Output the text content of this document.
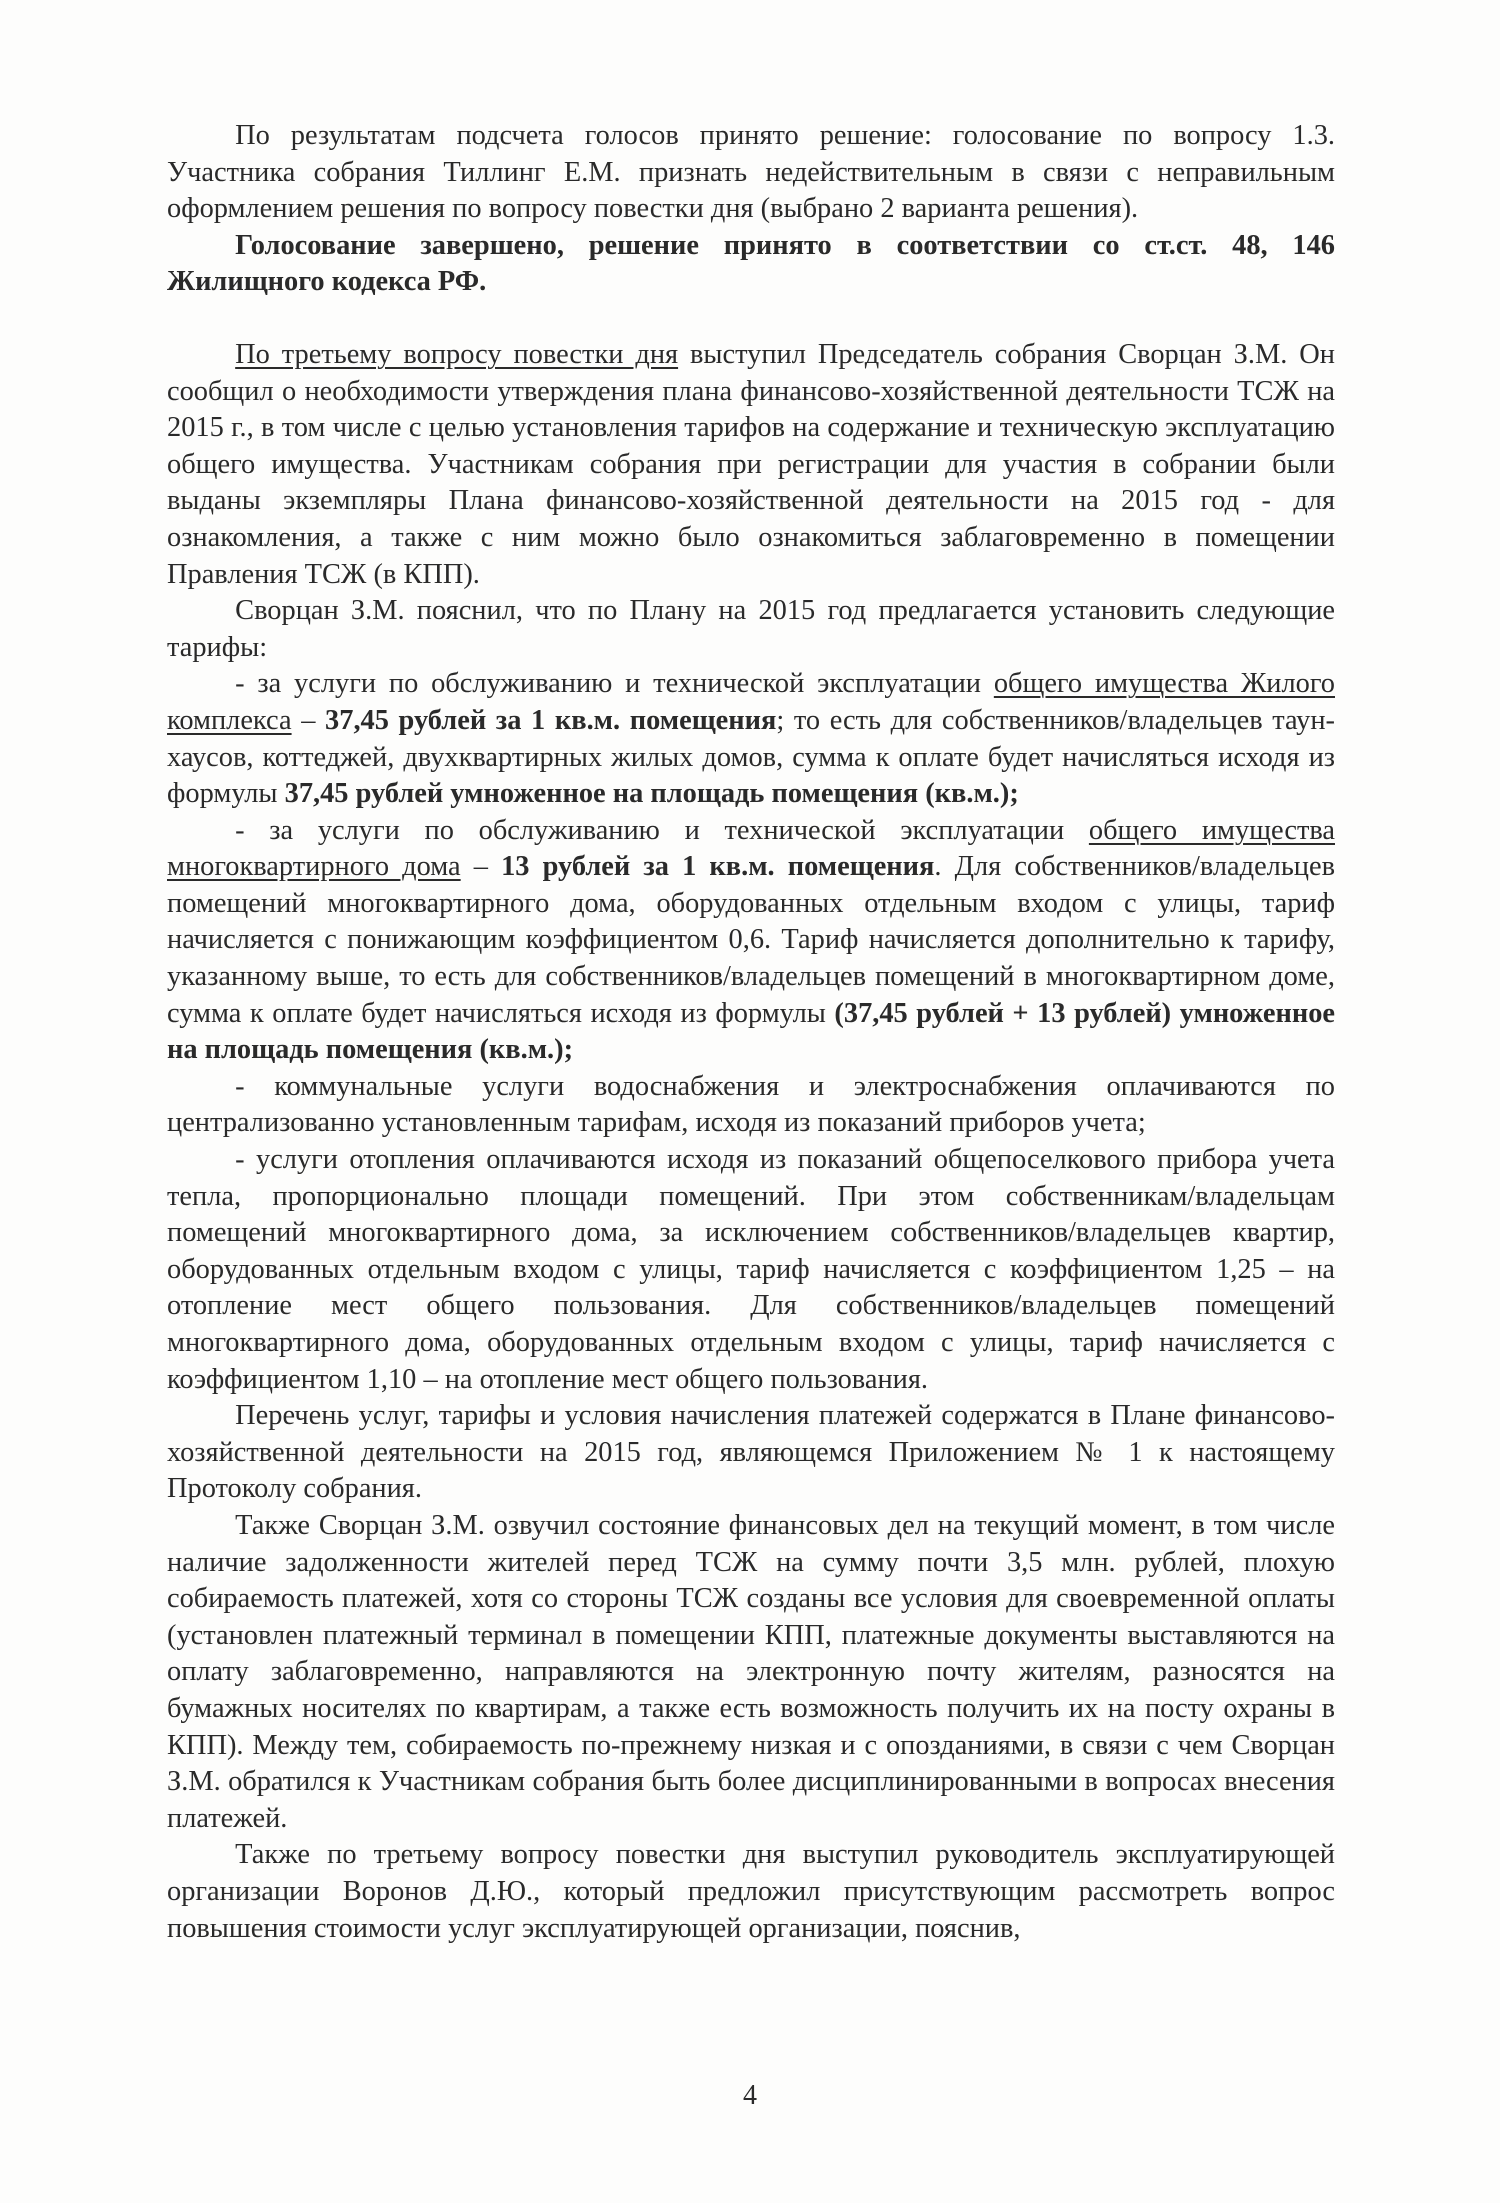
По результатам подсчета голосов принято решение: голосование по вопросу 1.3. Участника собрания Тиллинг Е.М. признать недействительным в связи с неправильным оформлением решения по вопросу повестки дня (выбрано 2 варианта решения).

Голосование завершено, решение принято в соответствии со ст.ст. 48, 146 Жилищного кодекса РФ.

По третьему вопросу повестки дня выступил Председатель собрания Сворцан З.М. Он сообщил о необходимости утверждения плана финансово-хозяйственной деятельности ТСЖ на 2015 г., в том числе с целью установления тарифов на содержание и техническую эксплуатацию общего имущества. Участникам собрания при регистрации для участия в собрании были выданы экземпляры Плана финансово-хозяйственной деятельности на 2015 год - для ознакомления, а также с ним можно было ознакомиться заблаговременно в помещении Правления ТСЖ (в КПП).

Сворцан З.М. пояснил, что по Плану на 2015 год предлагается установить следующие тарифы:

- за услуги по обслуживанию и технической эксплуатации общего имущества Жилого комплекса – 37,45 рублей за 1 кв.м. помещения; то есть для собственников/владельцев таун-хаусов, коттеджей, двухквартирных жилых домов, сумма к оплате будет начисляться исходя из формулы 37,45 рублей умноженное на площадь помещения (кв.м.);

- за услуги по обслуживанию и технической эксплуатации общего имущества многоквартирного дома – 13 рублей за 1 кв.м. помещения. Для собственников/владельцев помещений многоквартирного дома, оборудованных отдельным входом с улицы, тариф начисляется с понижающим коэффициентом 0,6. Тариф начисляется дополнительно к тарифу, указанному выше, то есть для собственников/владельцев помещений в многоквартирном доме, сумма к оплате будет начисляться исходя из формулы (37,45 рублей + 13 рублей) умноженное на площадь помещения (кв.м.);

- коммунальные услуги водоснабжения и электроснабжения оплачиваются по централизованно установленным тарифам, исходя из показаний приборов учета;

- услуги отопления оплачиваются исходя из показаний общепоселкового прибора учета тепла, пропорционально площади помещений. При этом собственникам/владельцам помещений многоквартирного дома, за исключением собственников/владельцев квартир, оборудованных отдельным входом с улицы, тариф начисляется с коэффициентом 1,25 – на отопление мест общего пользования. Для собственников/владельцев помещений многоквартирного дома, оборудованных отдельным входом с улицы, тариф начисляется с коэффициентом 1,10 – на отопление мест общего пользования.

Перечень услуг, тарифы и условия начисления платежей содержатся в Плане финансово-хозяйственной деятельности на 2015 год, являющемся Приложением № 1 к настоящему Протоколу собрания.

Также Сворцан З.М. озвучил состояние финансовых дел на текущий момент, в том числе наличие задолженности жителей перед ТСЖ на сумму почти 3,5 млн. рублей, плохую собираемость платежей, хотя со стороны ТСЖ созданы все условия для своевременной оплаты (установлен платежный терминал в помещении КПП, платежные документы выставляются на оплату заблаговременно, направляются на электронную почту жителям, разносятся на бумажных носителях по квартирам, а также есть возможность получить их на посту охраны в КПП). Между тем, собираемость по-прежнему низкая и с опозданиями, в связи с чем Сворцан З.М. обратился к Участникам собрания быть более дисциплинированными в вопросах внесения платежей.

Также по третьему вопросу повестки дня выступил руководитель эксплуатирующей организации Воронов Д.Ю., который предложил присутствующим рассмотреть вопрос повышения стоимости услуг эксплуатирующей организации, пояснив,

4
